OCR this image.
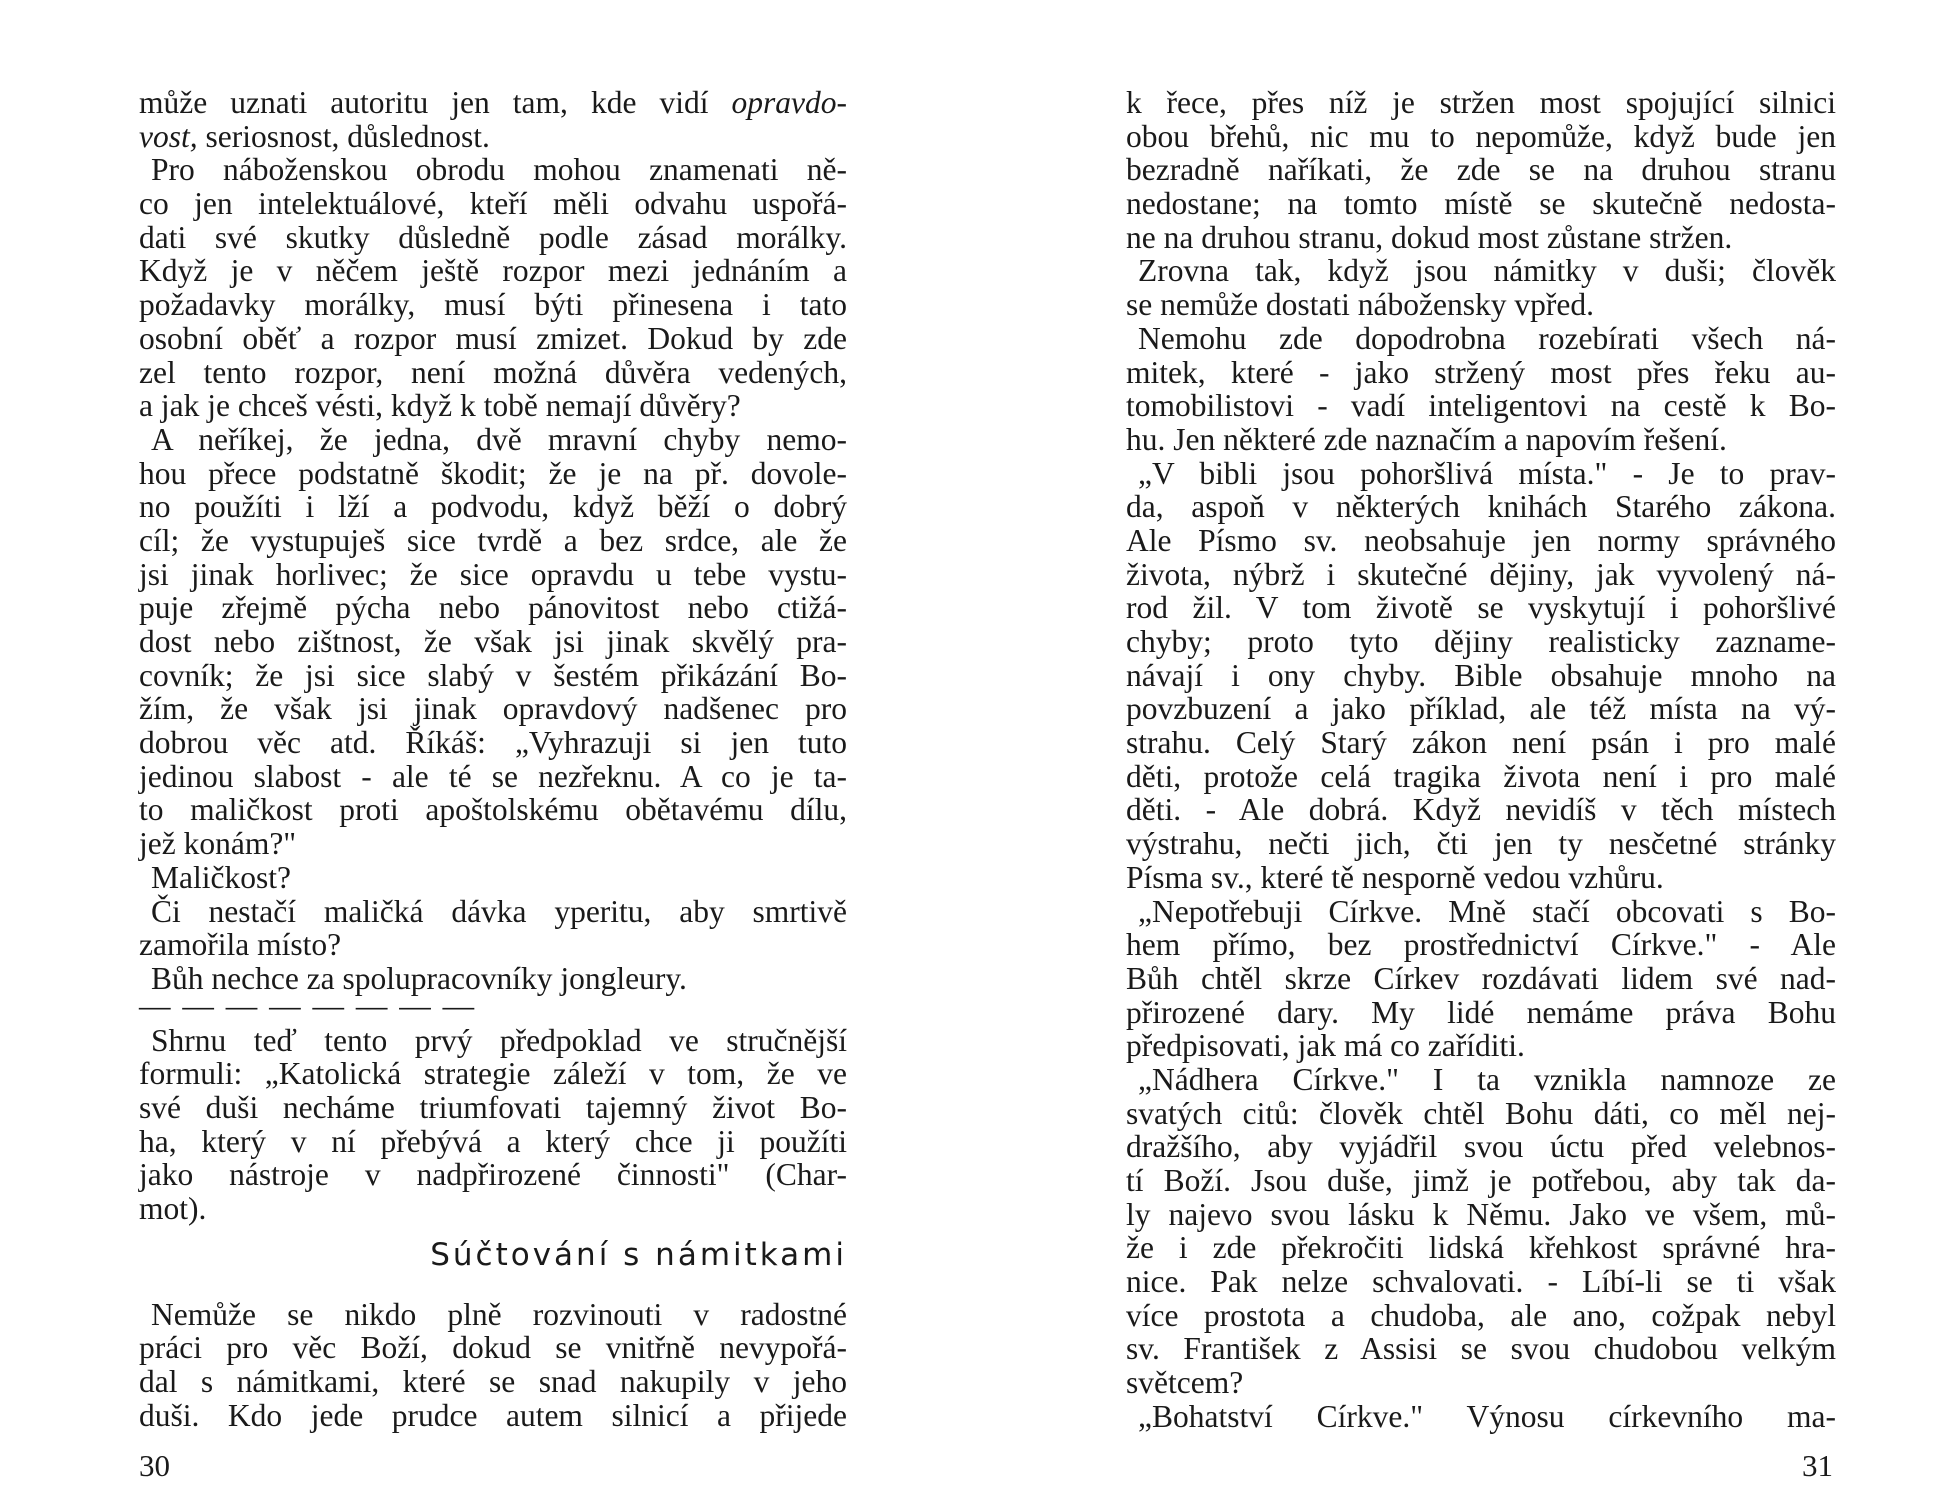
může uznati autoritu jen tam, kde vidí opravdo-
vost, seriosnost, důslednost.
Pro náboženskou obrodu mohou znamenati ně-
co jen intelektuálové, kteří měli odvahu uspořá-
dati své skutky důsledně podle zásad morálky.
Když je v něčem ještě rozpor mezi jednáním a
požadavky morálky, musí býti přinesena i tato
osobní oběť a rozpor musí zmizet. Dokud by zde
zel tento rozpor, není možná důvěra vedených,
a jak je chceš vésti, když k tobě nemají důvěry?
A neříkej, že jedna, dvě mravní chyby nemo-
hou přece podstatně škodit; že je na př. dovole-
no použíti i lží a podvodu, když běží o dobrý
cíl; že vystupuješ sice tvrdě a bez srdce, ale že
jsi jinak horlivec; že sice opravdu u tebe vystu-
puje zřejmě pýcha nebo pánovitost nebo ctižá-
dost nebo zištnost, že však jsi jinak skvělý pra-
covník; že jsi sice slabý v šestém přikázání Bo-
žím, že však jsi jinak opravdový nadšenec pro
dobrou věc atd. Říkáš: „Vyhrazuji si jen tuto
jedinou slabost - ale té se nezřeknu. A co je ta-
to maličkost proti apoštolskému obětavému dílu,
jež konám?"
Maličkost?
Či nestačí maličká dávka yperitu, aby smrtivě
zamořila místo?
Bůh nechce za spolupracovníky jongleury.
— — — — — — — —
Shrnu teď tento prvý předpoklad ve stručnější
formuli: „Katolická strategie záleží v tom, že ve
své duši necháme triumfovati tajemný život Bo-
ha, který v ní přebývá a který chce ji použíti
jako nástroje v nadpřirozené činnosti" (Char-
mot).
Súčtování s námitkami
Nemůže se nikdo plně rozvinouti v radostné
práci pro věc Boží, dokud se vnitřně nevypořá-
dal s námitkami, které se snad nakupily v jeho
duši. Kdo jede prudce autem silnicí a přijede
k řece, přes níž je stržen most spojující silnici
obou břehů, nic mu to nepomůže, když bude jen
bezradně naříkati, že zde se na druhou stranu
nedostane; na tomto místě se skutečně nedosta-
ne na druhou stranu, dokud most zůstane stržen.
Zrovna tak, když jsou námitky v duši; člověk
se nemůže dostati nábožensky vpřed.
Nemohu zde dopodrobna rozebírati všech ná-
mitek, které - jako stržený most přes řeku au-
tomobilistovi - vadí inteligentovi na cestě k Bo-
hu. Jen některé zde naznačím a napovím řešení.
„V bibli jsou pohoršlivá místa." - Je to prav-
da, aspoň v některých knihách Starého zákona.
Ale Písmo sv. neobsahuje jen normy správného
života, nýbrž i skutečné dějiny, jak vyvolený ná-
rod žil. V tom životě se vyskytují i pohoršlivé
chyby; proto tyto dějiny realisticky zazname-
návají i ony chyby. Bible obsahuje mnoho na
povzbuzení a jako příklad, ale též místa na vý-
strahu. Celý Starý zákon není psán i pro malé
děti, protože celá tragika života není i pro malé
děti. - Ale dobrá. Když nevidíš v těch místech
výstrahu, nečti jich, čti jen ty nesčetné stránky
Písma sv., které tě nesporně vedou vzhůru.
„Nepotřebuji Církve. Mně stačí obcovati s Bo-
hem přímo, bez prostřednictví Církve." - Ale
Bůh chtěl skrze Církev rozdávati lidem své nad-
přirozené dary. My lidé nemáme práva Bohu
předpisovati, jak má co zaříditi.
„Nádhera Církve." I ta vznikla namnoze ze
svatých citů: člověk chtěl Bohu dáti, co měl nej-
dražšího, aby vyjádřil svou úctu před velebnos-
tí Boží. Jsou duše, jimž je potřebou, aby tak da-
ly najevo svou lásku k Němu. Jako ve všem, mů-
že i zde překročiti lidská křehkost správné hra-
nice. Pak nelze schvalovati. - Líbí-li se ti však
více prostota a chudoba, ale ano, cožpak nebyl
sv. František z Assisi se svou chudobou velkým
světcem?
„Bohatství Církve." Výnosu církevního ma-
30	31
